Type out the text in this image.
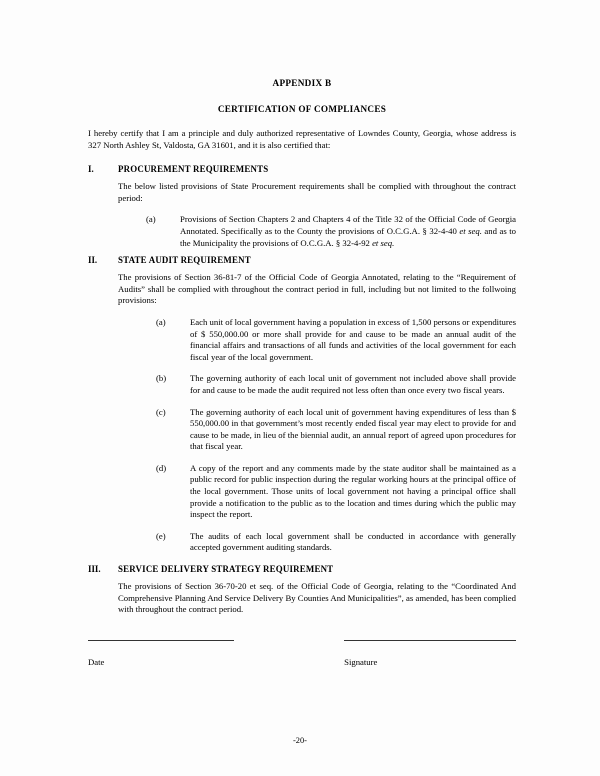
APPENDIX B
CERTIFICATION OF COMPLIANCES

I hereby certify that I am a principle and duly authorized representative of Lowndes County, Georgia, whose address is 327 North Ashley St, Valdosta, GA 31601, and it is also certified that:

I.	PROCUREMENT REQUIREMENTS

The below listed provisions of State Procurement requirements shall be complied with throughout the contract period:

(a)	Provisions of Section Chapters 2 and Chapters 4 of the Title 32 of the Official Code of Georgia Annotated. Specifically as to the County the provisions of O.C.G.A. § 32-4-40 et seq. and as to the Municipality the provisions of O.C.G.A. § 32-4-92 et seq.
II.	STATE AUDIT REQUIREMENT

The provisions of Section 36-81-7 of the Official Code of Georgia Annotated, relating to the “Requirement of Audits” shall be complied with throughout the contract period in full, including but not limited to the follwoing provisions:

(a)	Each unit of local government having a population in excess of 1,500 persons or expenditures of $ 550,000.00 or more shall provide for and cause to be made an annual audit of the financial affairs and transactions of all funds and activities of the local government for each fiscal year of the local government.
(b)	The governing authority of each local unit of government not included above shall provide for and cause to be made the audit required not less often than once every two fiscal years.
(c)	The governing authority of each local unit of government having expenditures of less than $ 550,000.00 in that government’s most recently ended fiscal year may elect to provide for and cause to be made, in lieu of the biennial audit, an annual report of agreed upon procedures for that fiscal year.
(d)	A copy of the report and any comments made by the state auditor shall be maintained as a public record for public inspection during the regular working hours at the principal office of the local government. Those units of local government not having a principal office shall provide a notification to the public as to the location and times during which the public may inspect the report.
(e)	The audits of each local government shall be conducted in accordance with generally accepted government auditing standards.
III.	SERVICE DELIVERY STRATEGY REQUIREMENT

The provisions of Section 36-70-20 et seq. of the Official Code of Georgia, relating to the “Coordinated And Comprehensive Planning And Service Delivery By Counties And Municipalities”, as amended, has been complied with throughout the contract period.

Date	Signature
-20-
